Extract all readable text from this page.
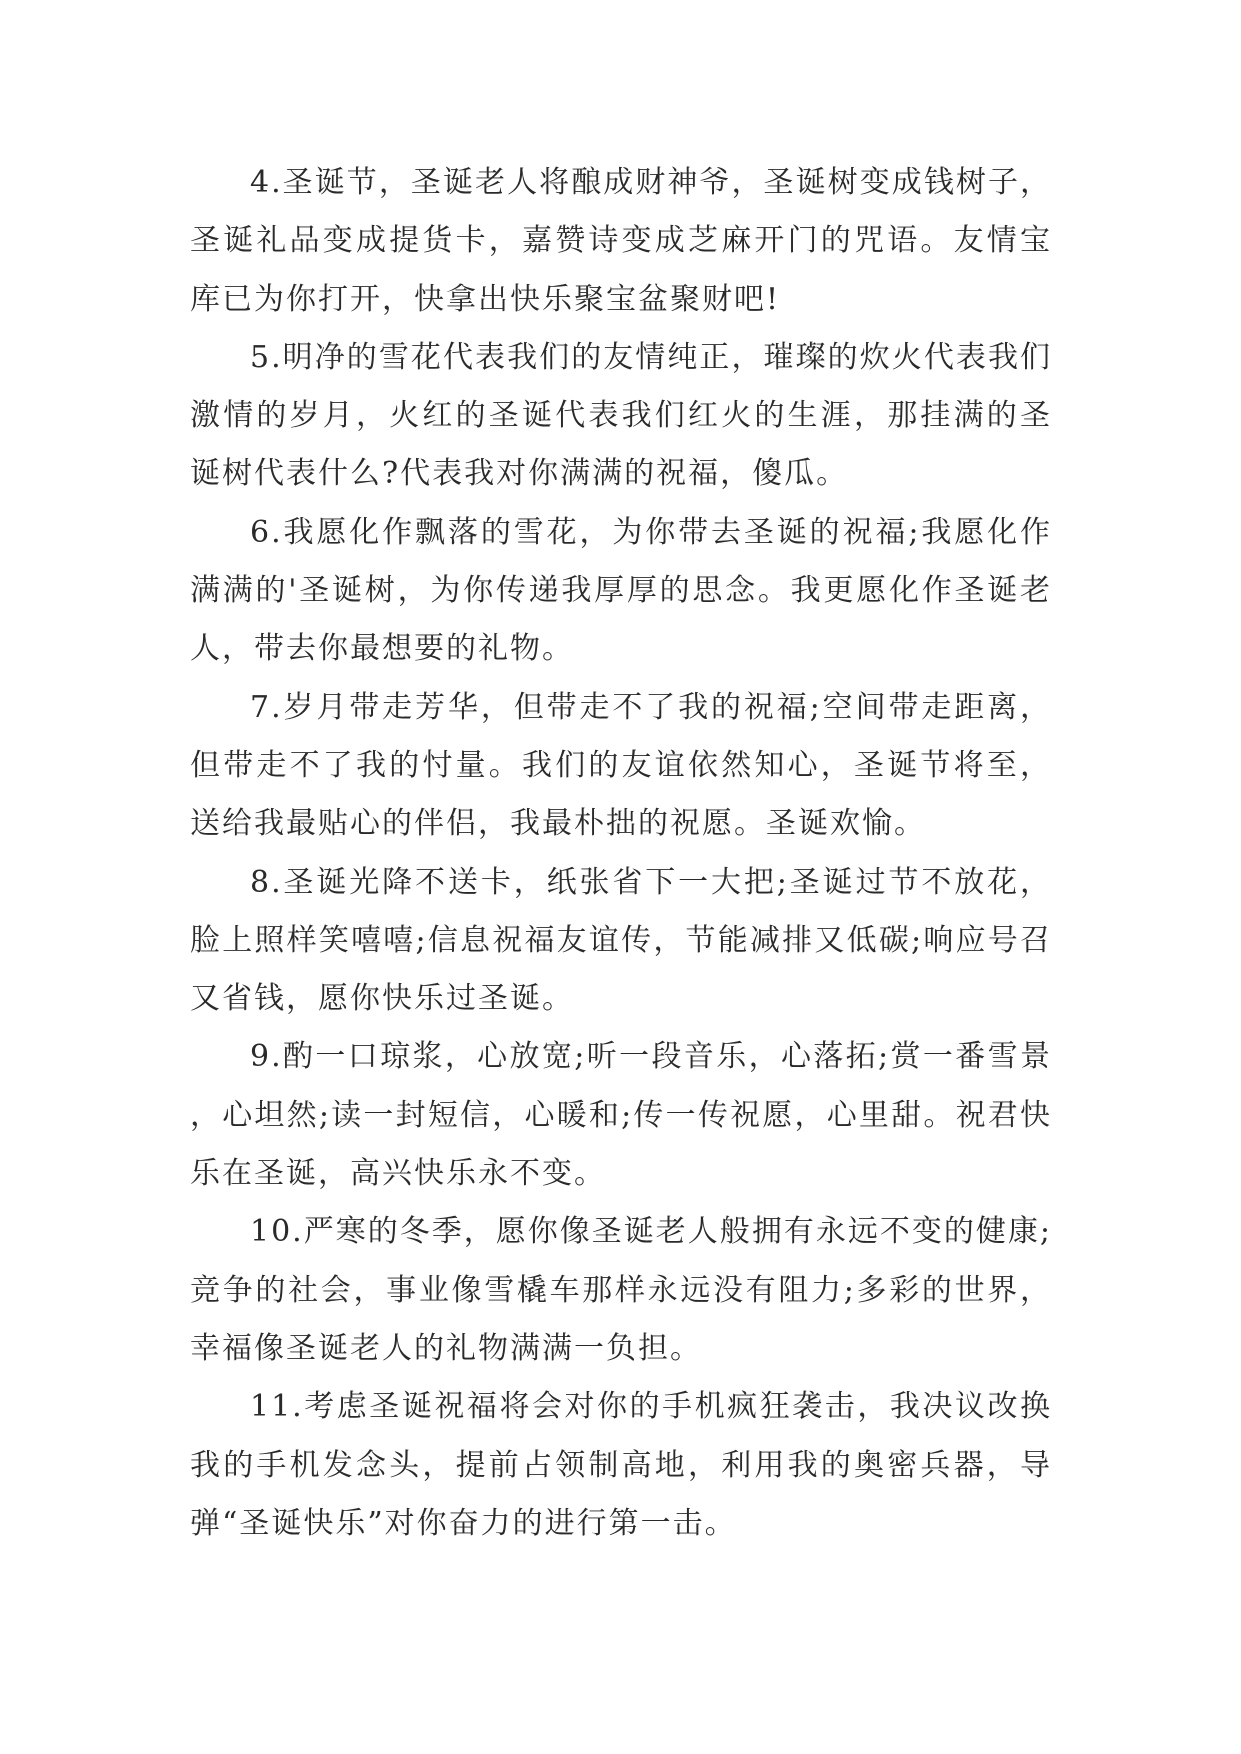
4.圣诞节，圣诞老人将酿成财神爷，圣诞树变成钱树子，圣诞礼品变成提货卡，嘉赞诗变成芝麻开门的咒语。友情宝库已为你打开，快拿出快乐聚宝盆聚财吧!

5.明净的雪花代表我们的友情纯正，璀璨的炊火代表我们激情的岁月，火红的圣诞代表我们红火的生涯，那挂满的圣诞树代表什么?代表我对你满满的祝福，傻瓜。

6.我愿化作飘落的雪花，为你带去圣诞的祝福;我愿化作满满的'圣诞树，为你传递我厚厚的思念。我更愿化作圣诞老人，带去你最想要的礼物。

7.岁月带走芳华，但带走不了我的祝福;空间带走距离，但带走不了我的忖量。我们的友谊依然知心，圣诞节将至，送给我最贴心的伴侣，我最朴拙的祝愿。圣诞欢愉。

8.圣诞光降不送卡，纸张省下一大把;圣诞过节不放花，脸上照样笑嘻嘻;信息祝福友谊传，节能减排又低碳;响应号召又省钱，愿你快乐过圣诞。

9.酌一口琼浆，心放宽;听一段音乐，心落拓;赏一番雪景，心坦然;读一封短信，心暖和;传一传祝愿，心里甜。祝君快乐在圣诞，高兴快乐永不变。

10.严寒的冬季，愿你像圣诞老人般拥有永远不变的健康;竞争的社会，事业像雪橇车那样永远没有阻力;多彩的世界，幸福像圣诞老人的礼物满满一负担。

11.考虑圣诞祝福将会对你的手机疯狂袭击，我决议改换我的手机发念头，提前占领制高地，利用我的奥密兵器，导弹“圣诞快乐”对你奋力的进行第一击。
